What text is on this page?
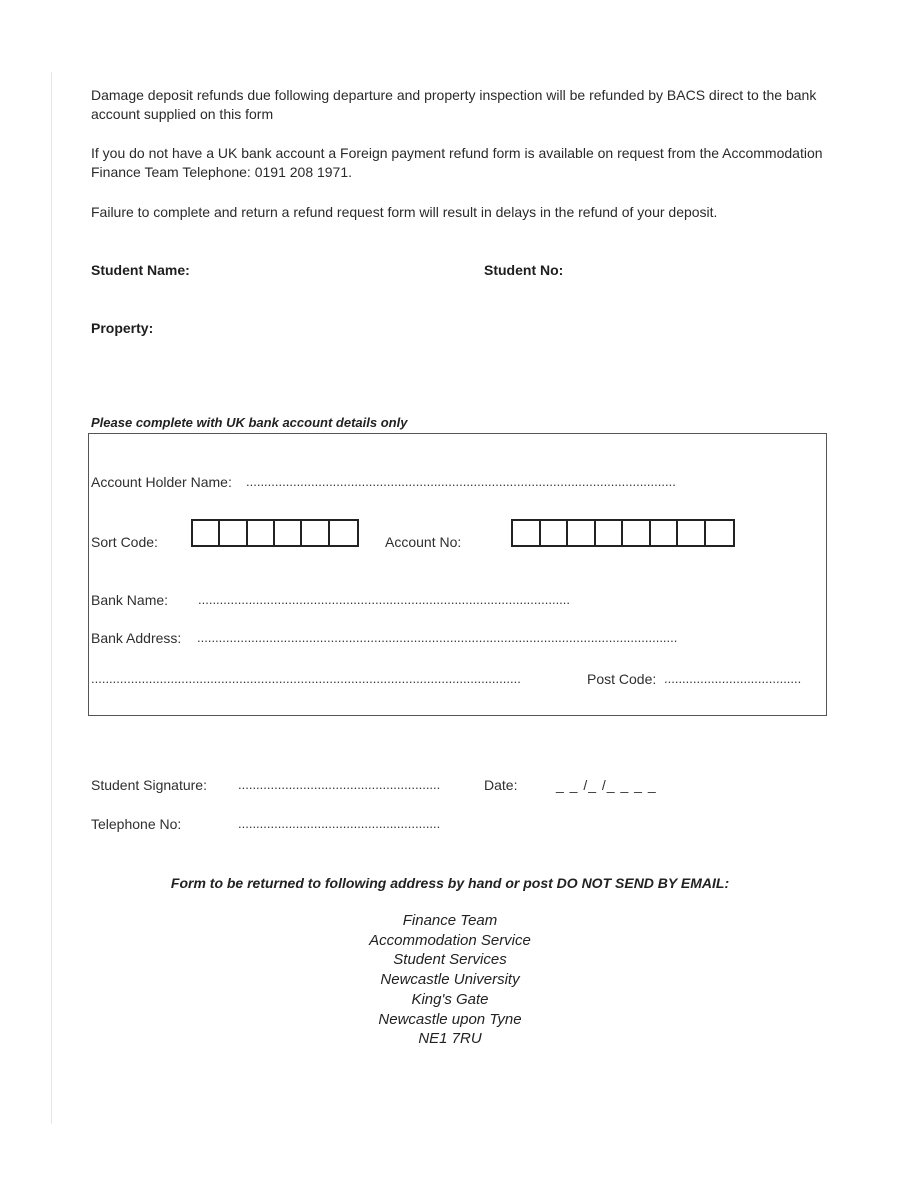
Damage deposit refunds due following departure and property inspection will be refunded by BACS direct to the bank account supplied on this form
If you do not have a UK bank account a Foreign payment refund form is available on request from the Accommodation Finance Team Telephone: 0191 208 1971.
Failure to complete and return a refund request form will result in delays in the refund of your deposit.
Student Name:	Student No:
Property:
Please complete with UK bank account details only
Account Holder Name: .......................................................................................................................
Sort Code:	Account No:
Bank Name: .......................................................................................................
Bank Address: .....................................................................................................................................
.......................................................................................................................	Post Code: ......................................
Student Signature: ........................................................	Date:	_ _ /_ /_ _ _ _
Telephone No:	........................................................
Form to be returned to following address by hand or post DO NOT SEND BY EMAIL:
Finance Team
Accommodation Service
Student Services
Newcastle University
King's Gate
Newcastle upon Tyne
NE1 7RU
